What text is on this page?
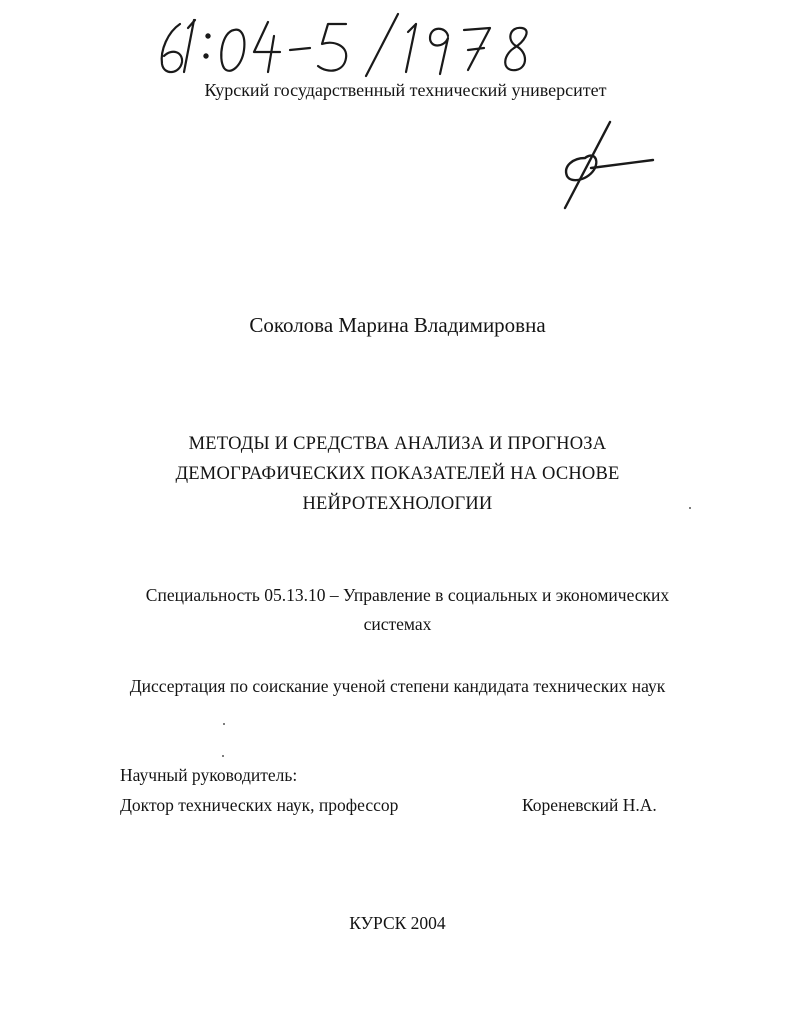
Курский государственный технический университет
Соколова Марина Владимировна
МЕТОДЫ И СРЕДСТВА АНАЛИЗА И ПРОГНОЗА
ДЕМОГРАФИЧЕСКИХ ПОКАЗАТЕЛЕЙ НА ОСНОВЕ
НЕЙРОТЕХНОЛОГИИ
Специальность 05.13.10 – Управление в социальных и экономических
системах
Диссертация по соискание ученой степени кандидата технических наук
Научный руководитель:
Доктор технических наук, профессор	Кореневский Н.А.
КУРСК 2004
